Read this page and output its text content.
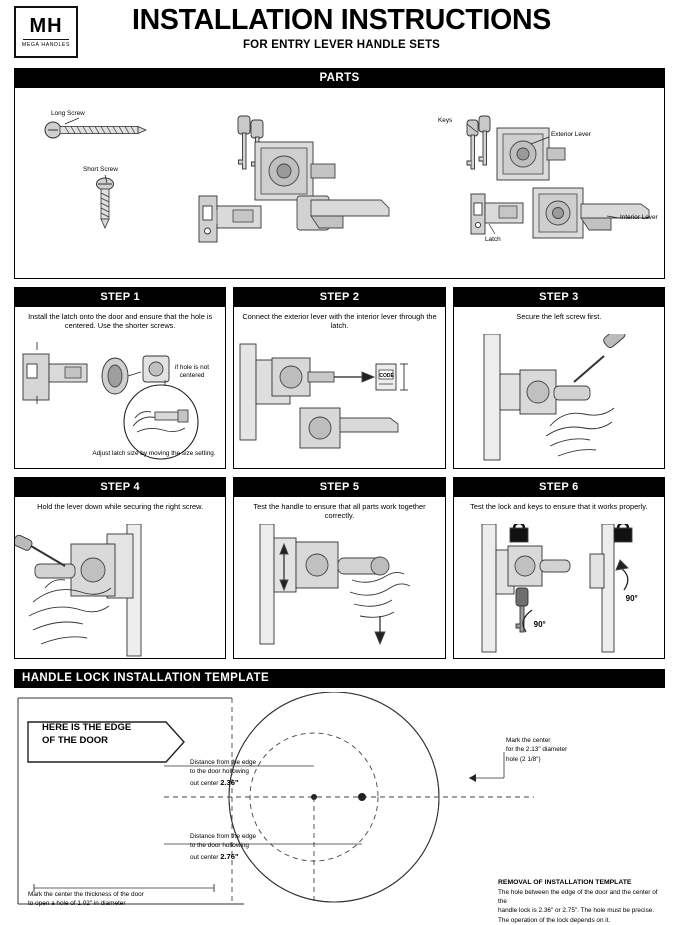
MH
MEGA HANDLES
INSTALLATION INSTRUCTIONS
FOR ENTRY LEVER HANDLE SETS
PARTS
Long Screw
Short Screw
Keys
Exterior Lever
Interior Lever
Latch
STEP 1
Install the latch onto the door and ensure that the hole is centered. Use the shorter screws.
if hole is not centered
Adjust latch size by moving the size setting.
STEP 2
Connect the exterior lever with the interior lever through the latch.
CODE
STEP 3
Secure the left screw first.
STEP 4
Hold the lever down while securing the right screw.
STEP 5
Test the handle to ensure that all parts work together correctly.
STEP 6
Test the lock and keys to ensure that it works properly.
90°
90°
HANDLE LOCK INSTALLATION TEMPLATE
HERE IS THE EDGE
OF THE DOOR
Distance from the edge
to the door hollowing
out center 2.36"
Distance from the edge
to the door hollowing
out center 2.76"
Mark the center
for the 2.13" diameter
hole (2 1/8")
Mark the center the thickness of the door
to open a hole of 1.02" in diameter
REMOVAL OF INSTALLATION TEMPLATE
The hole between the edge of the door and the center of the
handle lock is 2.36" or 2.75". The hole must be precise.
The operation of the lock depends on it.
